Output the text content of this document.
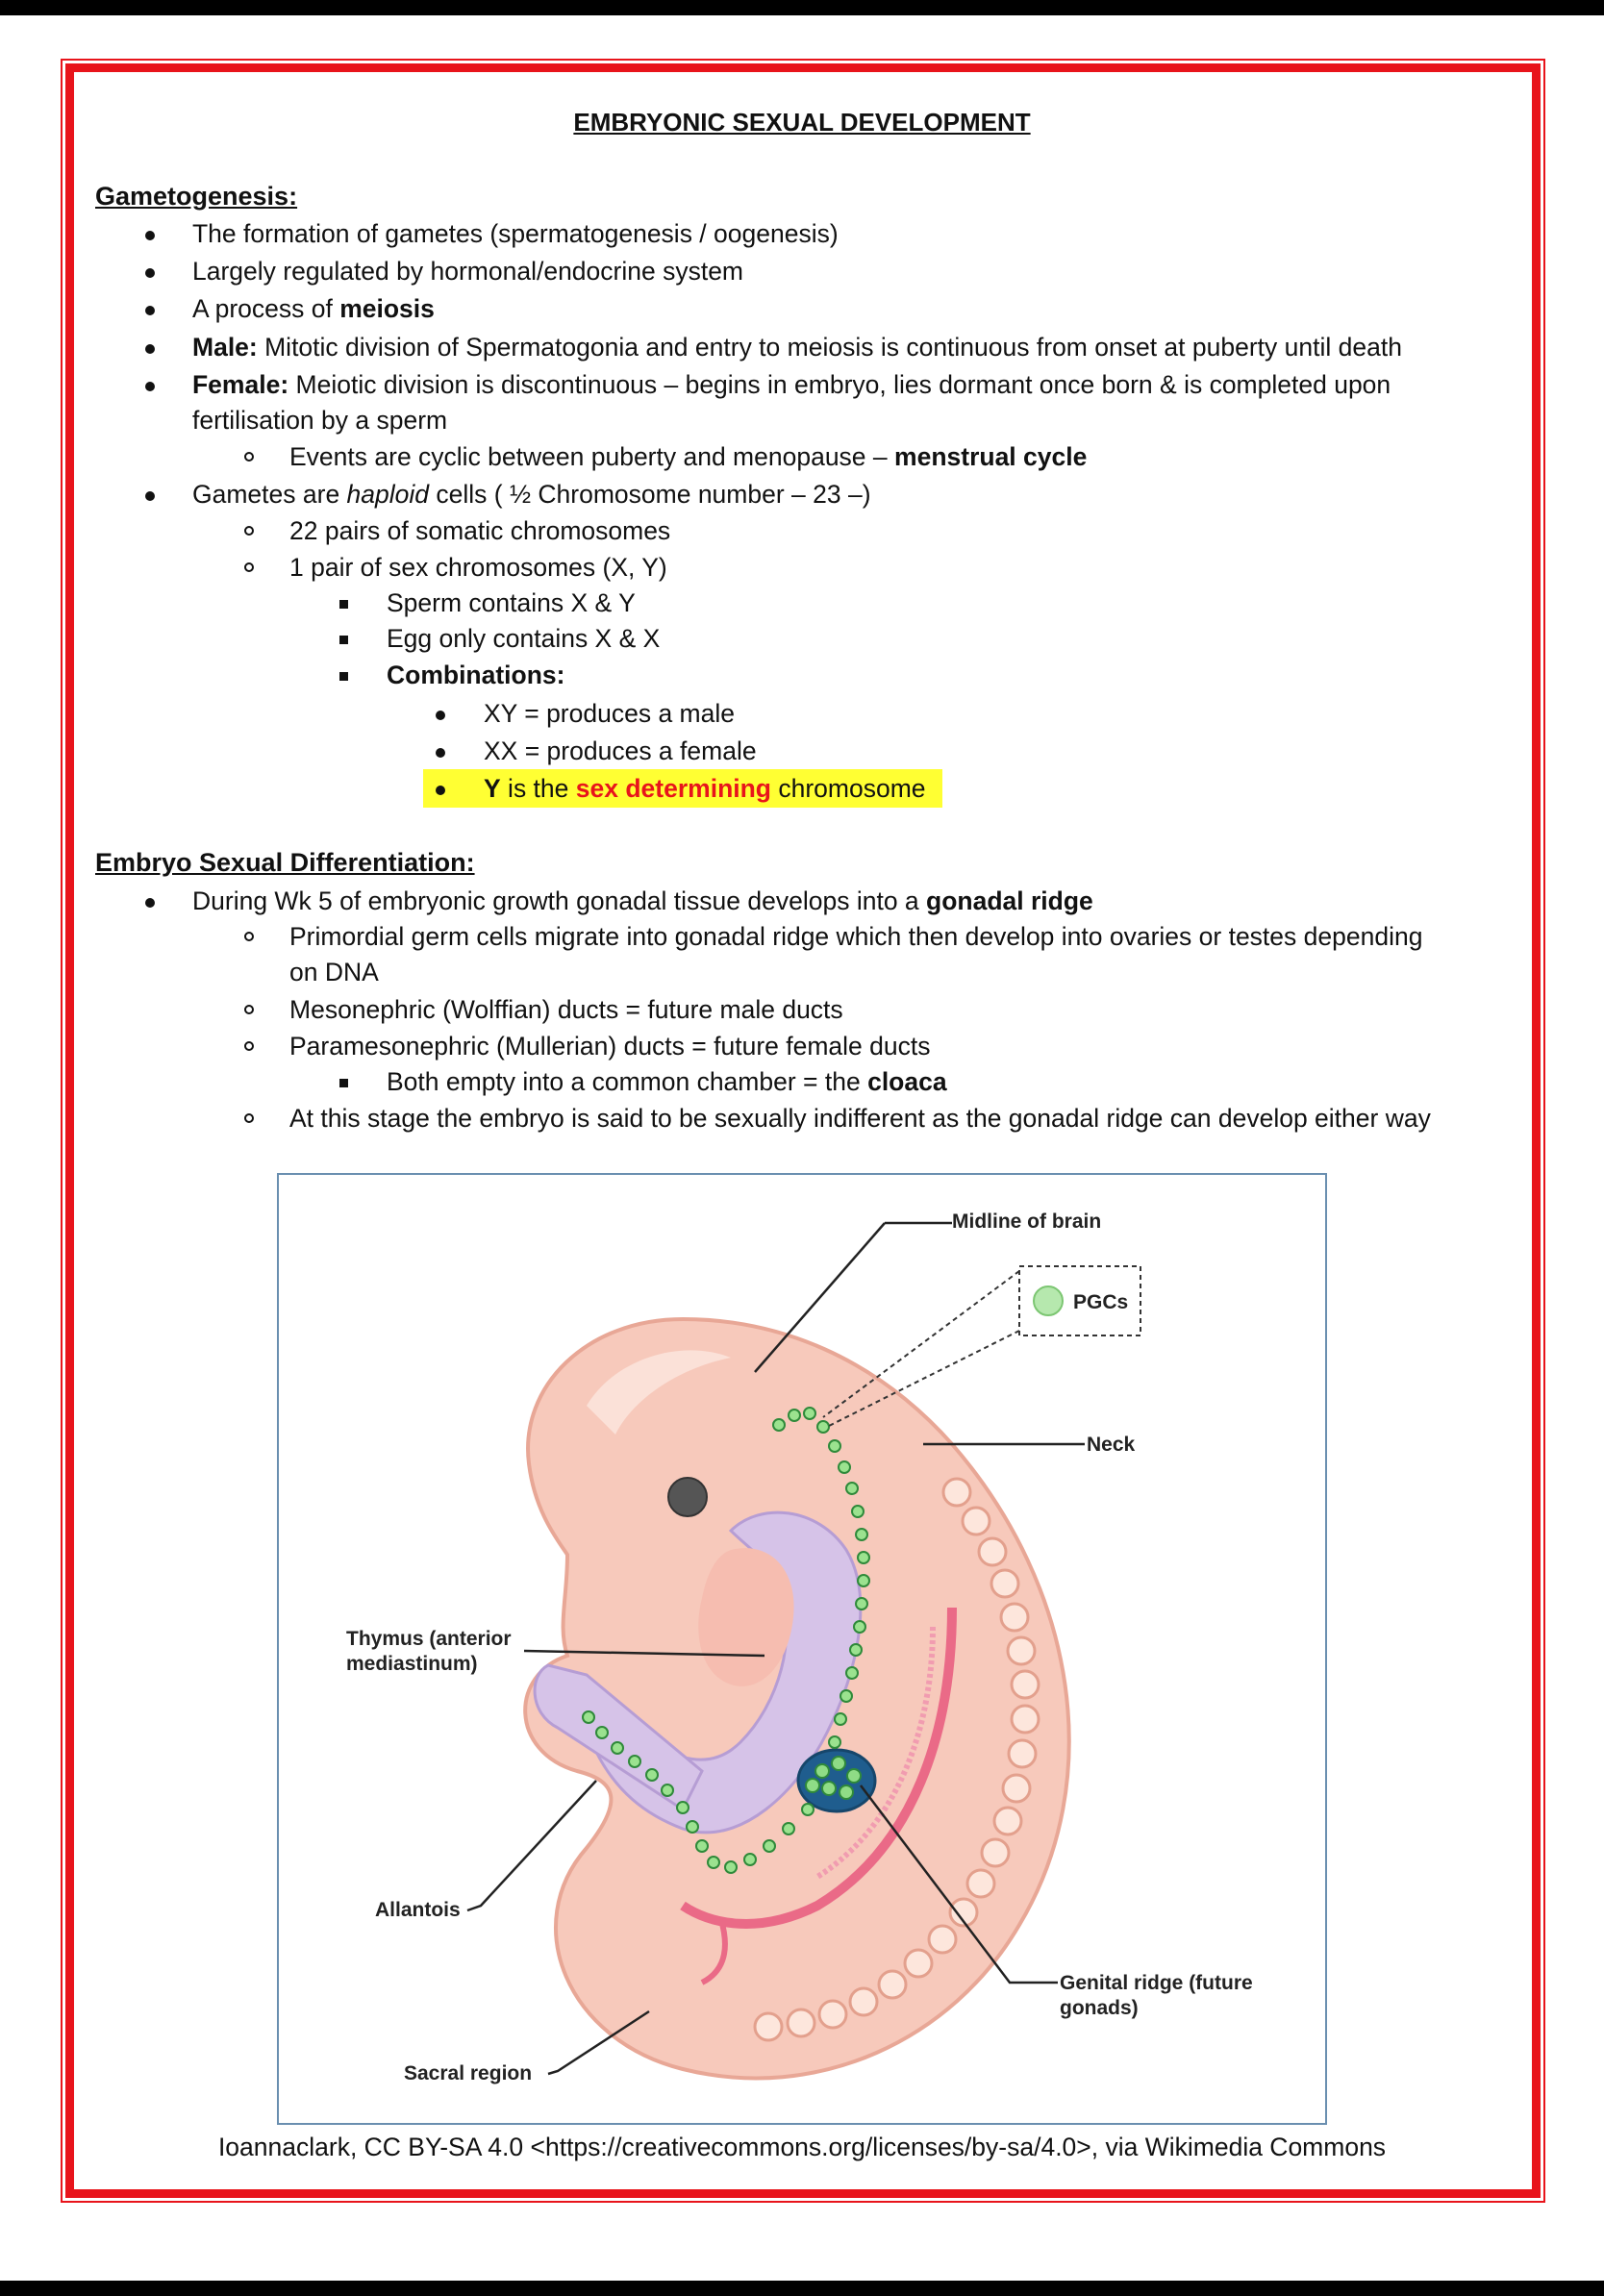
EMBRYONIC SEXUAL DEVELOPMENT
Gametogenesis:
The formation of gametes (spermatogenesis / oogenesis)
Largely regulated by hormonal/endocrine system
A process of meiosis
Male: Mitotic division of Spermatogonia and entry to meiosis is continuous from onset at puberty until death
Female: Meiotic division is discontinuous – begins in embryo, lies dormant once born & is completed upon
fertilisation by a sperm
Events are cyclic between puberty and menopause – menstrual cycle
Gametes are haploid cells ( ½ Chromosome number – 23 –)
22 pairs of somatic chromosomes
1 pair of sex chromosomes (X, Y)
Sperm contains X & Y
Egg only contains X & X
Combinations:
XY = produces a male
XX = produces a female
Y is the sex determining chromosome
Embryo Sexual Differentiation:
During Wk 5 of embryonic growth gonadal tissue develops into a gonadal ridge
Primordial germ cells migrate into gonadal ridge which then develop into ovaries or testes depending
on DNA
Mesonephric (Wolffian) ducts = future male ducts
Paramesonephric (Mullerian) ducts = future female ducts
Both empty into a common chamber = the cloaca
At this stage the embryo is said to be sexually indifferent as the gonadal ridge can develop either way
Midline of brain
PGCs
Neck
Thymus (anterior
mediastinum)
Allantois
Genital ridge (future
gonads)
Sacral region
Ioannaclark, CC BY-SA 4.0 <https://creativecommons.org/licenses/by-sa/4.0>, via Wikimedia Commons
